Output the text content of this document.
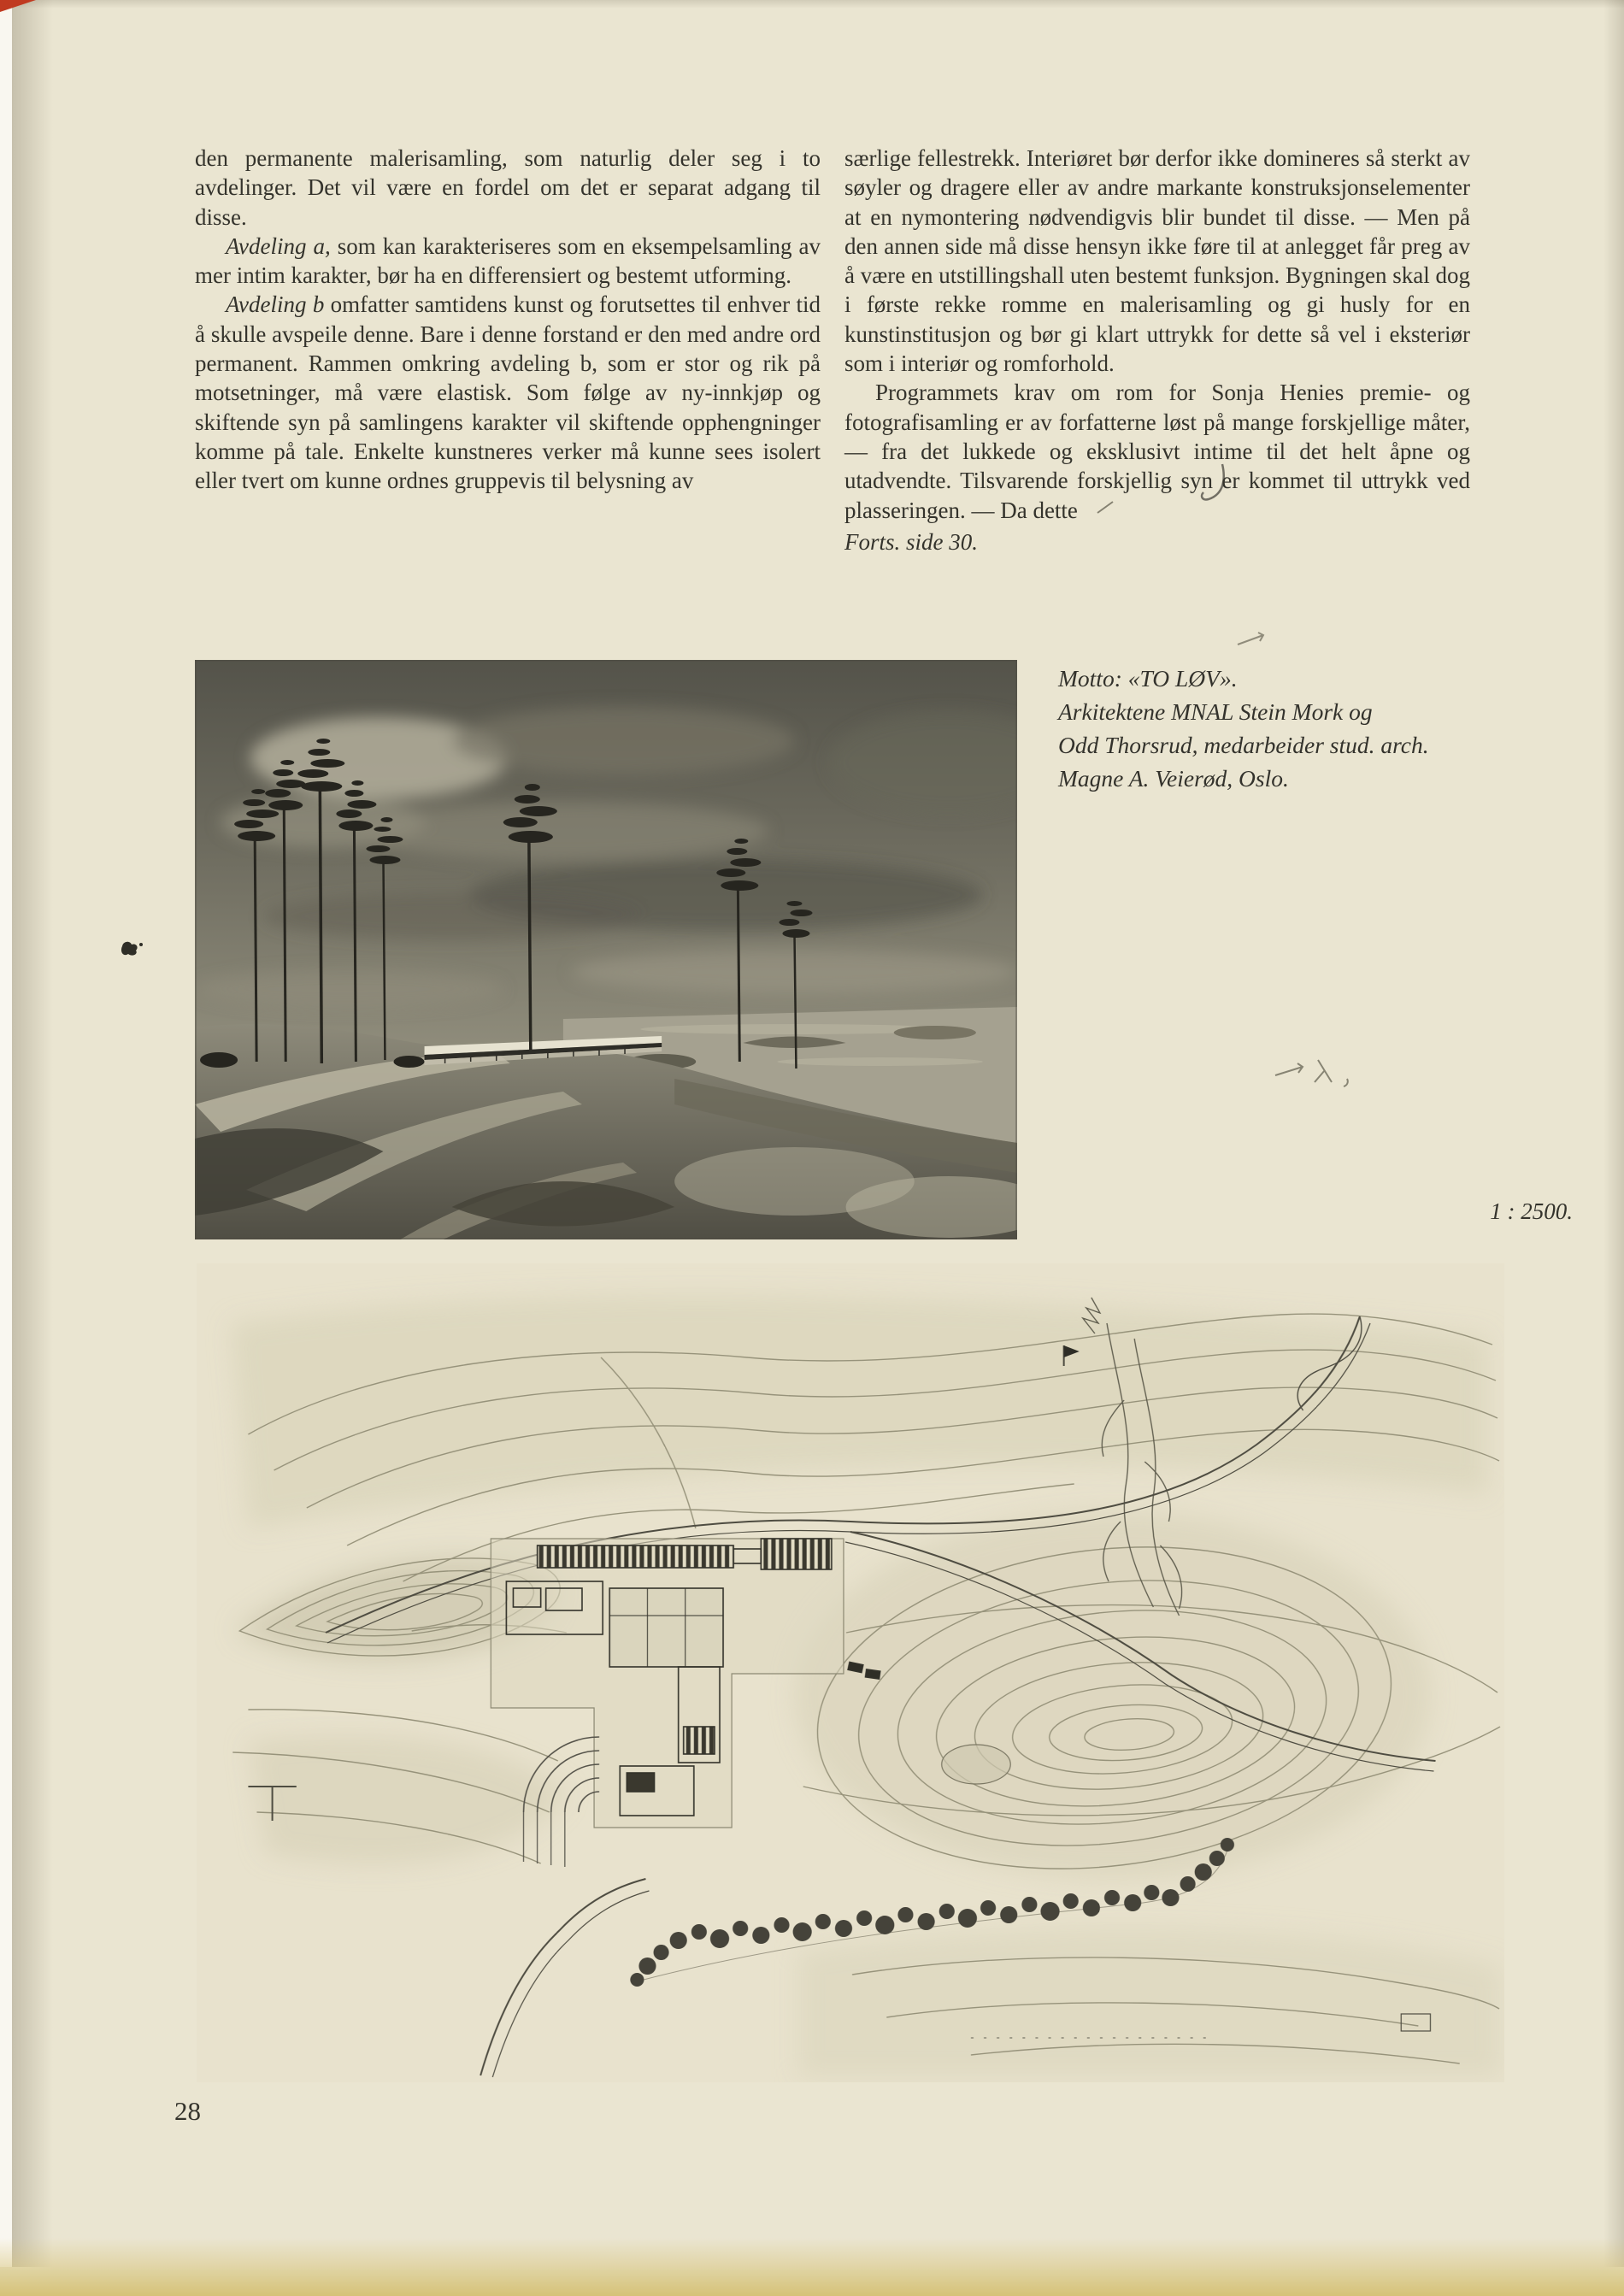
den permanente malerisamling, som naturlig deler seg i to avdelinger. Det vil være en fordel om det er separat adgang til disse.

Avdeling a, som kan karakteriseres som en eksempelsamling av mer intim karakter, bør ha en differensiert og bestemt utforming.

Avdeling b omfatter samtidens kunst og forutsettes til enhver tid å skulle avspeile denne. Bare i denne forstand er den med andre ord permanent. Rammen omkring avdeling b, som er stor og rik på motsetninger, må være elastisk. Som følge av ny-innkjøp og skiftende syn på samlingens karakter vil skiftende opphengninger komme på tale. Enkelte kunstneres verker må kunne sees isolert eller tvert om kunne ordnes gruppevis til belysning av

særlige fellestrekk. Interiøret bør derfor ikke domineres så sterkt av søyler og dragere eller av andre markante konstruksjonselementer at en nymontering nødvendigvis blir bundet til disse. — Men på den annen side må disse hensyn ikke føre til at anlegget får preg av å være en utstillingshall uten bestemt funksjon. Bygningen skal dog i første rekke romme en malerisamling og gi husly for en kunstinstitusjon og bør gi klart uttrykk for dette så vel i eksteriør som i interiør og romforhold.

Programmets krav om rom for Sonja Henies premie- og fotografisamling er av forfatterne løst på mange forskjellige måter, — fra det lukkede og eksklusivt intime til det helt åpne og utadvendte. Tilsvarende forskjellig syn er kommet til uttrykk ved plasseringen. — Da dette

Forts. side 30.

Motto: «TO LØV».
Arkitektene MNAL Stein Mork og
Odd Thorsrud, medarbeider stud. arch.
Magne A. Veierød, Oslo.
1 : 2500.
28
